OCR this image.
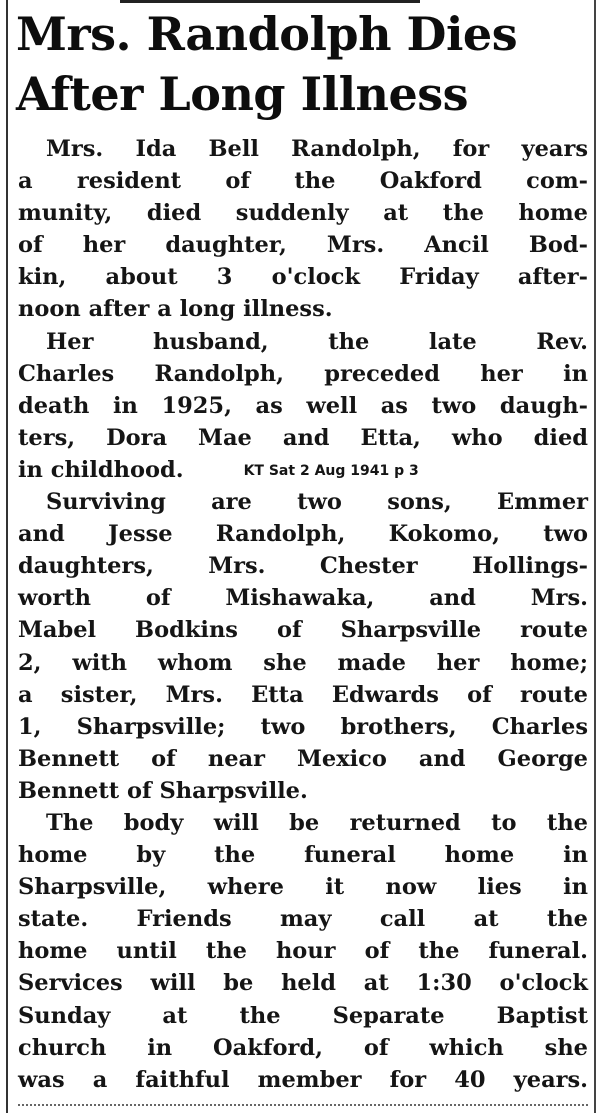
Mrs. Randolph Dies
After Long Illness
Mrs. Ida Bell Randolph, for years
a resident of the Oakford com-
munity, died suddenly at the home
of her daughter, Mrs. Ancil Bod-
kin, about 3 o'clock Friday after-
noon after a long illness.
Her husband, the late Rev.
Charles Randolph, preceded her in
death in 1925, as well as two daugh-
ters, Dora Mae and Etta, who died
in childhood.	KT Sat 2 Aug 1941 p 3
Surviving are two sons, Emmer
and Jesse Randolph, Kokomo, two
daughters, Mrs. Chester Hollings-
worth of Mishawaka, and Mrs.
Mabel Bodkins of Sharpsville route
2, with whom she made her home;
a sister, Mrs. Etta Edwards of route
1, Sharpsville; two brothers, Charles
Bennett of near Mexico and George
Bennett of Sharpsville.
The body will be returned to the
home by the funeral home in
Sharpsville, where it now lies in
state. Friends may call at the
home until the hour of the funeral.
Services will be held at 1:30 o'clock
Sunday at the Separate Baptist
church in Oakford, of which she
was a faithful member for 40 years.
